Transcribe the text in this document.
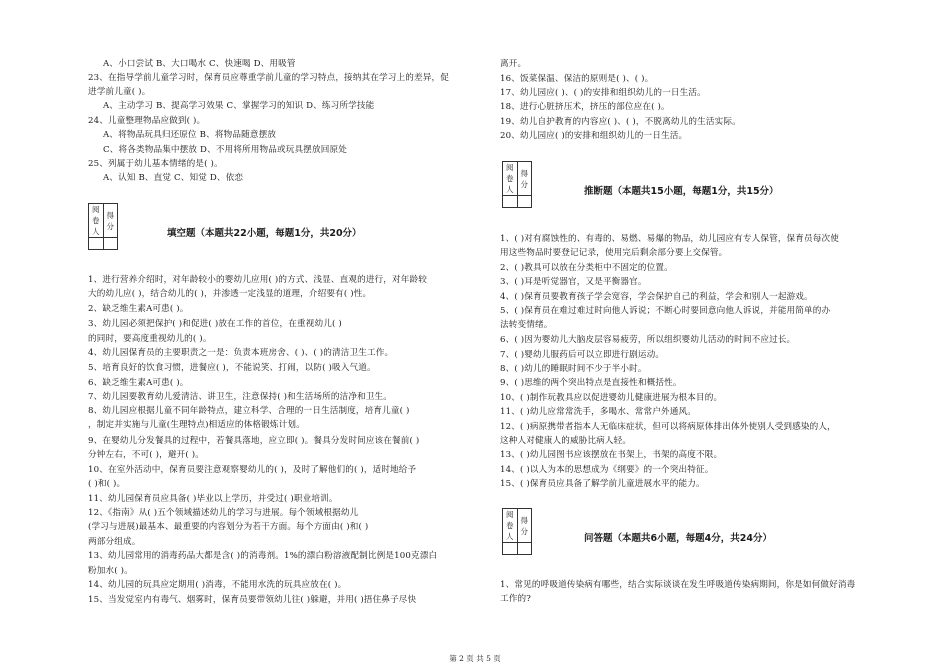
A、小口尝试 B、大口喝水 C、快速喝 D、用吸管
23、在指导学前儿童学习时，保育员应尊重学前儿童的学习特点，接纳其在学习上的差异，促
进学前儿童( )。
A、主动学习 B、提高学习效果 C、掌握学习的知识 D、练习所学技能
24、儿童整理物品应做到( )。
A、将物品玩具归还原位 B、将物品随意摆放
C、将各类物品集中摆放 D、不用将所用物品或玩具摆放回原处
25、列属于幼儿基本情绪的是( )。
A、认知 B、直觉 C、知觉 D、依恋
阅卷人	得分

填空题（本题共22小题，每题1分，共20分）
1、进行营养介绍时，对年龄较小的婴幼儿应用( )的方式、浅显、直观的进行，对年龄较
大的幼儿应( )，结合幼儿的( )，并渗透一定浅显的道理，介绍要有( )性。
2、缺乏维生素A可患( )。
3、幼儿园必须把保护( )和促进( )放在工作的首位，在重视幼儿( )
的同时，要高度重视幼儿的( )。
4、幼儿园保育员的主要职责之一是：负责本班房舍、( )、( )的清洁卫生工作。
5、培育良好的饮食习惯，进餐应( )，不能说笑、打闹，以防( )吸入气道。
6、缺乏维生素A可患( )。
7、幼儿园要教育幼儿爱清洁、讲卫生，注意保持( )和生活场所的洁净和卫生。
8、幼儿园应根据儿童不同年龄特点，建立科学、合理的一日生活制度，培育儿童( )
，制定并实施与儿童(生理特点)相适应的体格锻炼计划。
9、在婴幼儿分发餐具的过程中，若餐具落地，应立即( )。餐具分发时间应该在餐前( )
分钟左右，不可( )，避开( )。
10、在室外活动中，保育员要注意观察婴幼儿的( )，及时了解他们的( )，适时地给予
( )和( )。
11、幼儿园保育员应具备( )毕业以上学历，并受过( )职业培训。
12、《指南》从( )五个领域描述幼儿的学习与进展。每个领域根据幼儿
(学习与进展)最基本、最重要的内容划分为若干方面。每个方面由( )和( )
两部分组成。
13、幼儿园常用的消毒药品大都是含( )的消毒剂。1%的漂白粉溶液配制比例是100克漂白
粉加水( )。
14、幼儿园的玩具应定期用( )消毒，不能用水洗的玩具应放在( )。
15、当发觉室内有毒气、烟雾时，保育员要带领幼儿往( )躲避，并用( )捂住鼻子尽快
离开。
16、饭菜保温、保洁的原则是( )、( )。
17、幼儿园应( )、( )的安排和组织幼儿的一日生活。
18、进行心脏挤压术，挤压的部位应在( )。
19、幼儿自护教育的内容应( )、( )，不脱离幼儿的生活实际。
20、幼儿园应( )的安排和组织幼儿的一日生活。
阅卷人	得分

推断题（本题共15小题，每题1分，共15分）
1、( )对有腐蚀性的、有毒的、易燃、易爆的物品，幼儿园应有专人保管，保育员每次使
用这些物品时要登记记录，使用完后剩余部分要上交保管。
2、( )教具可以放在分类柜中不固定的位置。
3、( )耳是听觉器官，又是平衡器官。
4、( )保育员要教育孩子学会宽容，学会保护自己的利益，学会和别人一起游戏。
5、( )保育员在难过难过时向他人诉说；不断心时要回意向他人诉说，并能用简单的办
法转变情绪。
6、( )因为婴幼儿大脑皮层容易疲劳，所以组织婴幼儿活动的时间不应过长。
7、( )婴幼儿服药后可以立即进行剧运动。
8、( )幼儿的睡眠时间不少于半小时。
9、( )思维的两个突出特点是直接性和概括性。
10、( )制作玩教具应以促进婴幼儿健康进展为根本目的。
11、( )幼儿应常常洗手，多喝水、常常户外通风。
12、( )病原携带者指本人无临床症状，但可以将病原体排出体外使别人受到感染的人，
这种人对健康人的威胁比病人轻。
13、( )幼儿园图书应该摆放在书架上，书架的高度不限。
14、( )以人为本的思想成为《纲要》的一个突出特征。
15、( )保育员应具备了解学前儿童进展水平的能力。
阅卷人	得分

问答题（本题共6小题，每题4分，共24分）
1、常见的呼吸道传染病有哪些，结合实际谈谈在发生呼吸道传染病期间，你是如何做好消毒
工作的?
第 2 页 共 5 页
